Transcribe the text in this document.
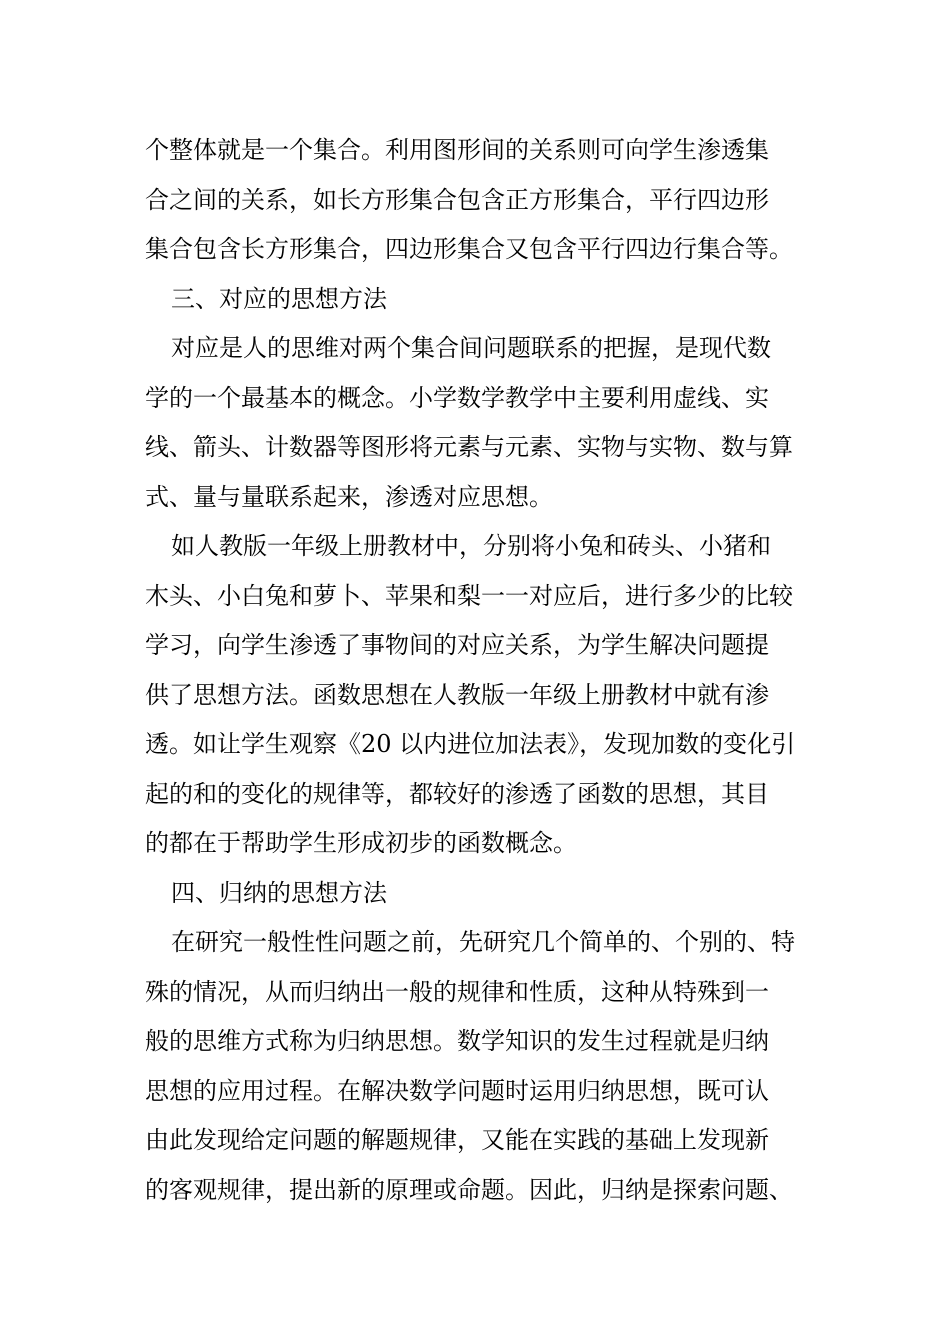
个整体就是一个集合。利用图形间的关系则可向学生渗透集
合之间的关系，如长方形集合包含正方形集合，平行四边形
集合包含长方形集合，四边形集合又包含平行四边行集合等。
三、对应的思想方法
对应是人的思维对两个集合间问题联系的把握，是现代数
学的一个最基本的概念。小学数学教学中主要利用虚线、实
线、箭头、计数器等图形将元素与元素、实物与实物、数与算
式、量与量联系起来，渗透对应思想。
如人教版一年级上册教材中，分别将小兔和砖头、小猪和
木头、小白兔和萝卜、苹果和梨一一对应后，进行多少的比较
学习，向学生渗透了事物间的对应关系，为学生解决问题提
供了思想方法。函数思想在人教版一年级上册教材中就有渗
透。如让学生观察《20 以内进位加法表》，发现加数的变化引
起的和的变化的规律等，都较好的渗透了函数的思想，其目
的都在于帮助学生形成初步的函数概念。
四、归纳的思想方法
在研究一般性性问题之前，先研究几个简单的、个别的、特
殊的情况，从而归纳出一般的规律和性质，这种从特殊到一
般的思维方式称为归纳思想。数学知识的发生过程就是归纳
思想的应用过程。在解决数学问题时运用归纳思想，既可认
由此发现给定问题的解题规律，又能在实践的基础上发现新
的客观规律，提出新的原理或命题。因此，归纳是探索问题、
